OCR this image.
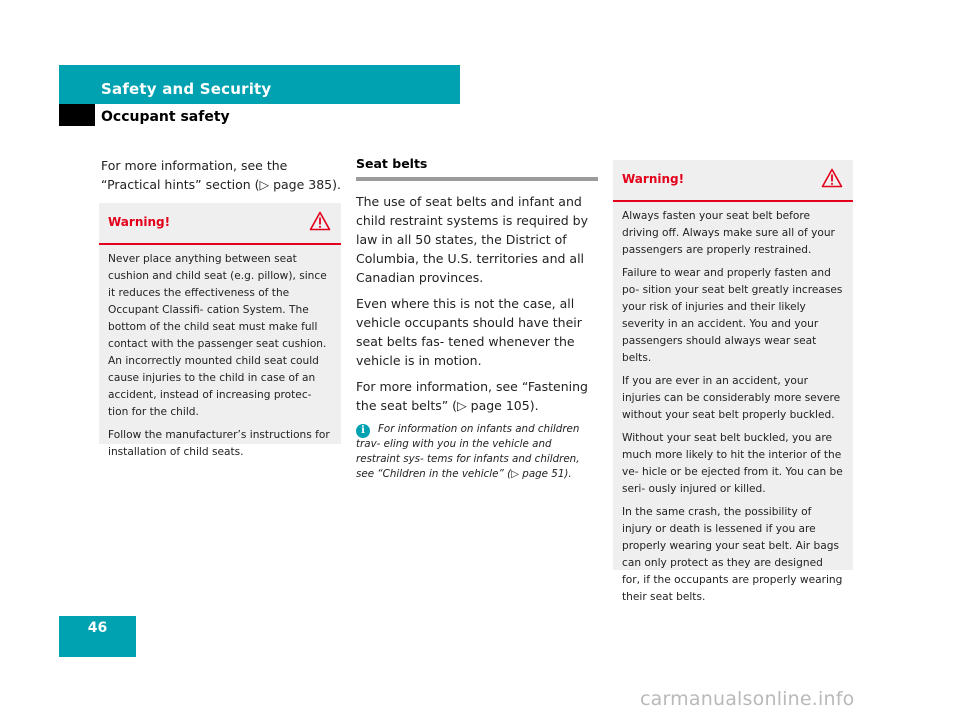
Safety and Security
Occupant safety

For more information, see the “Practical hints” section (▷ page 385).

Warning!

Never place anything between seat cushion and child seat (e.g. pillow), since it reduces the effectiveness of the Occupant Classifi- cation System. The bottom of the child seat must make full contact with the passenger seat cushion. An incorrectly mounted child seat could cause injuries to the child in case of an accident, instead of increasing protec- tion for the child.

Follow the manufacturer’s instructions for installation of child seats.

Seat belts

The use of seat belts and infant and child restraint systems is required by law in all 50 states, the District of Columbia, the U.S. territories and all Canadian provinces.

Even where this is not the case, all vehicle occupants should have their seat belts fas- tened whenever the vehicle is in motion.

For more information, see “Fastening the seat belts” (▷ page 105).

i	For information on infants and children trav- eling with you in the vehicle and restraint sys- tems for infants and children, see “Children in the vehicle” (▷ page 51).

Warning!

Always fasten your seat belt before driving off. Always make sure all of your passengers are properly restrained.

Failure to wear and properly fasten and po- sition your seat belt greatly increases your risk of injuries and their likely severity in an accident. You and your passengers should always wear seat belts.

If you are ever in an accident, your injuries can be considerably more severe without your seat belt properly buckled.

Without your seat belt buckled, you are much more likely to hit the interior of the ve- hicle or be ejected from it. You can be seri- ously injured or killed.

In the same crash, the possibility of injury or death is lessened if you are properly wearing your seat belt. Air bags can only protect as they are designed for, if the occupants are properly wearing their seat belts.

46
carmanualsonline.info
